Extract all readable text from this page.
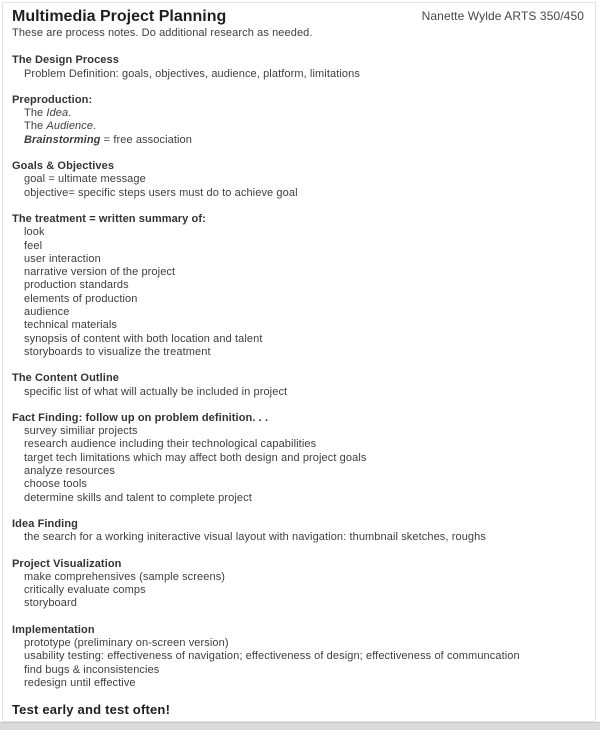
Multimedia Project Planning	Nanette Wylde ARTS 350/450
These are process notes. Do additional research as needed.
The Design Process
Problem Definition: goals, objectives, audience, platform, limitations
Preproduction:
The Idea.
The Audience.
Brainstorming = free association
Goals & Objectives
goal = ultimate message
objective= specific steps users must do to achieve goal
The treatment = written summary of:
look
feel
user interaction
narrative version of the project
production standards
elements of production
audience
technical materials
synopsis of content with both location and talent
storyboards to visualize the treatment
The Content Outline
specific list of what will actually be included in project
Fact Finding: follow up on problem definition. . .
survey similiar projects
research audience including their technological capabilities
target tech limitations which may affect both design and project goals
analyze resources
choose tools
determine skills and talent to complete project
Idea Finding
the search for a working initeractive visual layout with navigation: thumbnail sketches, roughs
Project Visualization
make comprehensives (sample screens)
critically evaluate comps
storyboard
Implementation
prototype (preliminary on-screen version)
usability testing: effectiveness of navigation; effectiveness of design; effectiveness of communcation
find bugs & inconsistencies
redesign until effective
Test early and test often!
